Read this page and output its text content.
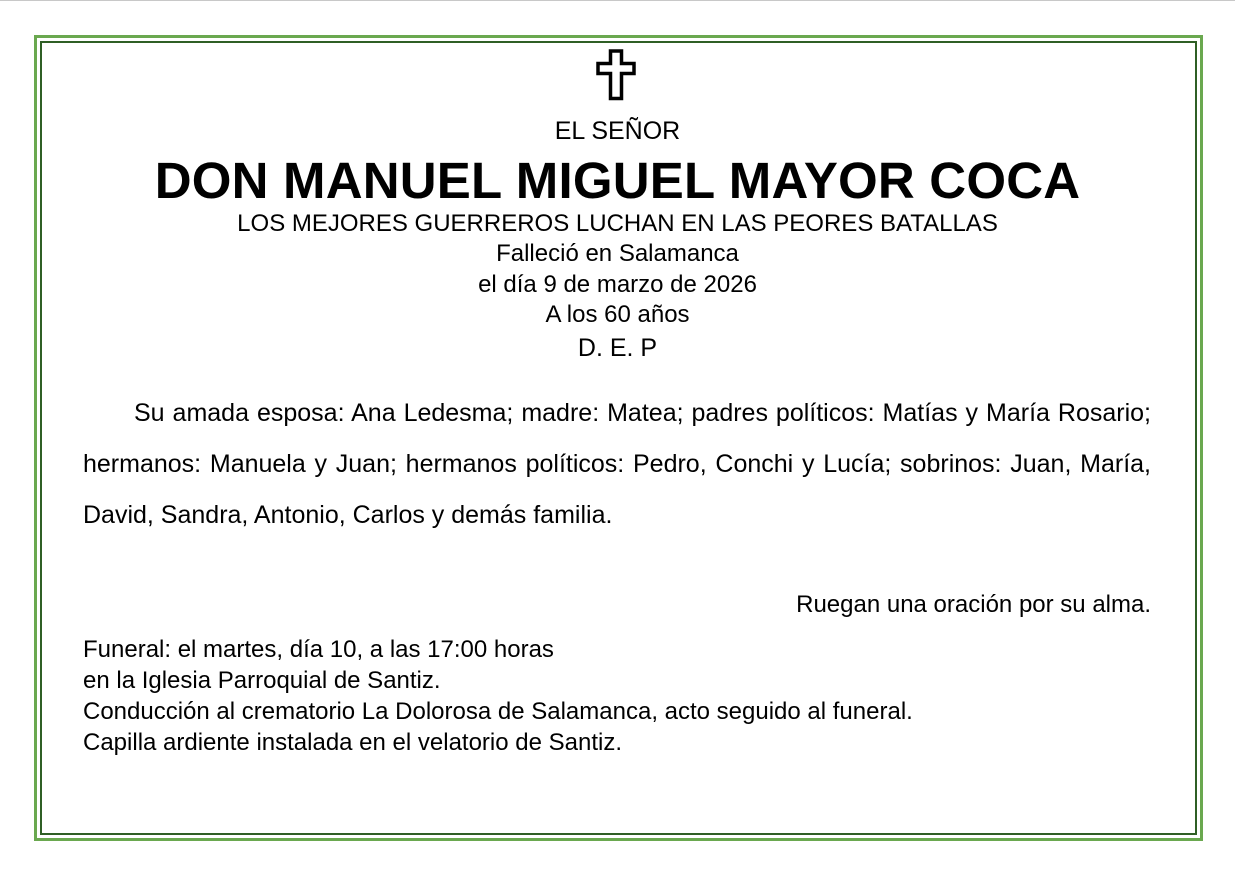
EL SEÑOR
DON MANUEL MIGUEL MAYOR COCA
LOS MEJORES GUERREROS LUCHAN EN LAS PEORES BATALLAS
Falleció en Salamanca
el día 9 de marzo de 2026
A los 60 años
D. E. P

Su amada esposa: Ana Ledesma; madre: Matea; padres políticos: Matías y María Rosario; hermanos: Manuela y Juan; hermanos políticos: Pedro, Conchi y Lucía; sobrinos: Juan, María, David, Sandra, Antonio, Carlos y demás familia.

Ruegan una oración por su alma.
Funeral: el martes, día 10, a las 17:00 horas
en la Iglesia Parroquial de Santiz.
Conducción al crematorio La Dolorosa de Salamanca, acto seguido al funeral.
Capilla ardiente instalada en el velatorio de Santiz.
